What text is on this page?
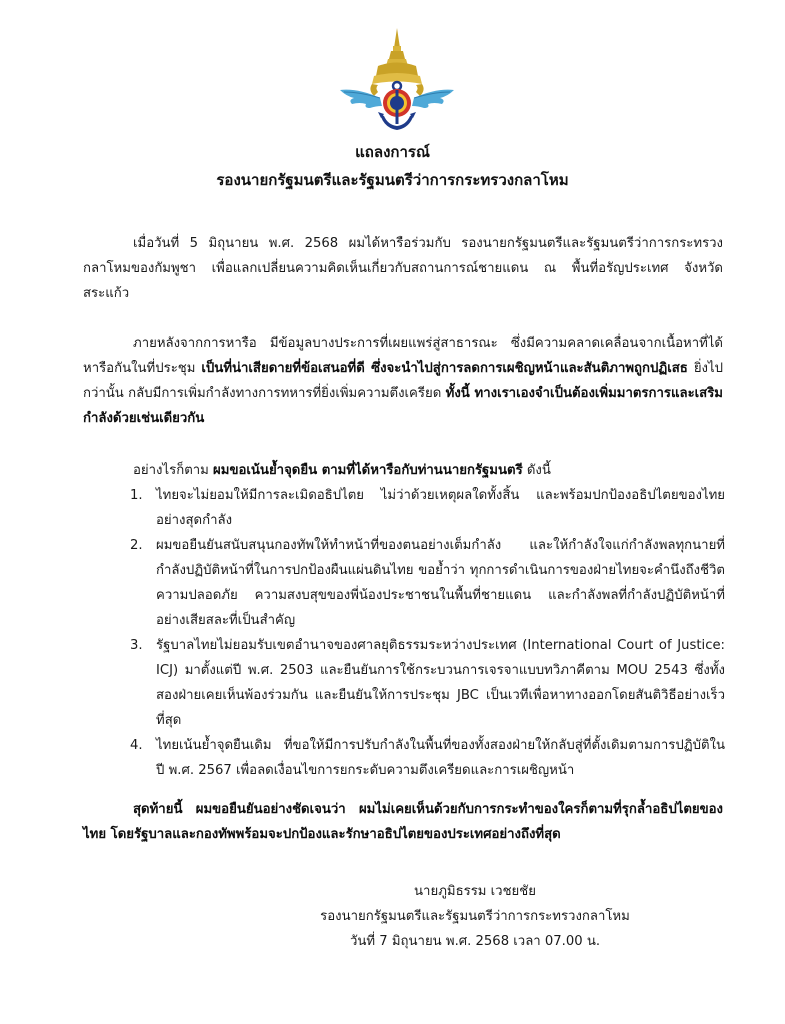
แถลงการณ์
รองนายกรัฐมนตรีและรัฐมนตรีว่าการกระทรวงกลาโหม
เมื่อวันที่ 5 มิถุนายน พ.ศ. 2568 ผมได้หารือร่วมกับ รองนายกรัฐมนตรีและรัฐมนตรีว่าการกระทรวงกลาโหมของกัมพูชา เพื่อแลกเปลี่ยนความคิดเห็นเกี่ยวกับสถานการณ์ชายแดน ณ พื้นที่อรัญประเทศ จังหวัดสระแก้ว
ภายหลังจากการหารือ มีข้อมูลบางประการที่เผยแพร่สู่สาธารณะ ซึ่งมีความคลาดเคลื่อนจากเนื้อหาที่ได้หารือกันในที่ประชุม เป็นที่น่าเสียดายที่ข้อเสนอที่ดี ซึ่งจะนำไปสู่การลดการเผชิญหน้าและสันติภาพถูกปฏิเสธ ยิ่งไปกว่านั้น กลับมีการเพิ่มกำลังทางการทหารที่ยิ่งเพิ่มความตึงเครียด ทั้งนี้ ทางเราเองจำเป็นต้องเพิ่มมาตรการและเสริมกำลังด้วยเช่นเดียวกัน
อย่างไรก็ตาม ผมขอเน้นย้ำจุดยืน ตามที่ได้หารือกับท่านนายกรัฐมนตรี ดังนี้
1. ไทยจะไม่ยอมให้มีการละเมิดอธิปไตย ไม่ว่าด้วยเหตุผลใดทั้งสิ้น และพร้อมปกป้องอธิปไตยของไทยอย่างสุดกำลัง
2. ผมขอยืนยันสนับสนุนกองทัพให้ทำหน้าที่ของตนอย่างเต็มกำลัง และให้กำลังใจแก่กำลังพลทุกนายที่กำลังปฏิบัติหน้าที่ในการปกป้องผืนแผ่นดินไทย ขอย้ำว่า ทุกการดำเนินการของฝ่ายไทยจะคำนึงถึงชีวิต ความปลอดภัย ความสงบสุขของพี่น้องประชาชนในพื้นที่ชายแดน และกำลังพลที่กำลังปฏิบัติหน้าที่อย่างเสียสละที่เป็นสำคัญ
3. รัฐบาลไทยไม่ยอมรับเขตอำนาจของศาลยุติธรรมระหว่างประเทศ (International Court of Justice: ICJ) มาตั้งแต่ปี พ.ศ. 2503 และยืนยันการใช้กระบวนการเจรจาแบบทวิภาคีตาม MOU 2543 ซึ่งทั้งสองฝ่ายเคยเห็นพ้องร่วมกัน และยืนยันให้การประชุม JBC เป็นเวทีเพื่อหาทางออกโดยสันติวิธีอย่างเร็วที่สุด
4. ไทยเน้นย้ำจุดยืนเดิม ที่ขอให้มีการปรับกำลังในพื้นที่ของทั้งสองฝ่ายให้กลับสู่ที่ตั้งเดิมตามการปฏิบัติในปี พ.ศ. 2567 เพื่อลดเงื่อนไขการยกระดับความตึงเครียดและการเผชิญหน้า
สุดท้ายนี้ ผมขอยืนยันอย่างชัดเจนว่า ผมไม่เคยเห็นด้วยกับการกระทำของใครก็ตามที่รุกล้ำอธิปไตยของไทย โดยรัฐบาลและกองทัพพร้อมจะปกป้องและรักษาอธิปไตยของประเทศอย่างถึงที่สุด
นายภูมิธรรม เวชยชัย
รองนายกรัฐมนตรีและรัฐมนตรีว่าการกระทรวงกลาโหม
วันที่ 7 มิถุนายน พ.ศ. 2568 เวลา 07.00 น.
